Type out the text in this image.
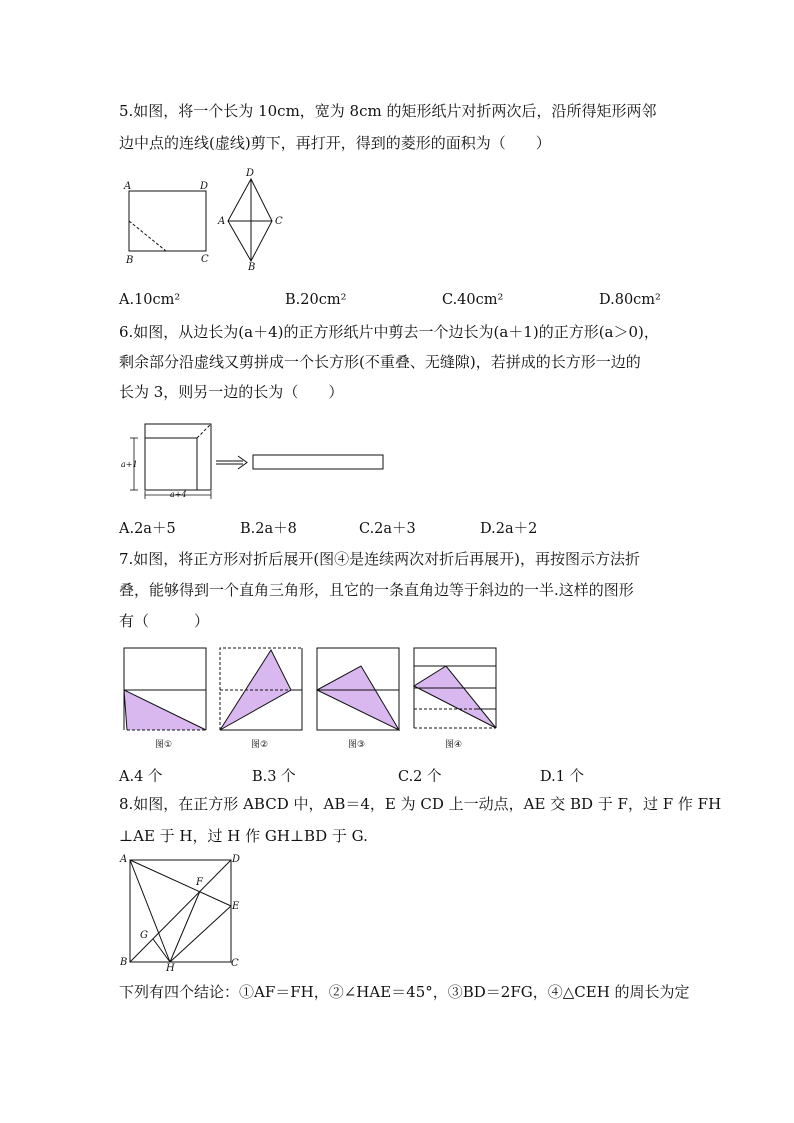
5.如图，将一个长为 10cm，宽为 8cm 的矩形纸片对折两次后，沿所得矩形两邻
边中点的连线(虚线)剪下，再打开，得到的菱形的面积为（　　）
A	D
B	C
D
A	C
B
A.10cm²	B.20cm²	C.40cm²	D.80cm²
6.如图，从边长为(a＋4)的正方形纸片中剪去一个边长为(a＋1)的正方形(a＞0)，
剩余部分沿虚线又剪拼成一个长方形(不重叠、无缝隙)，若拼成的长方形一边的
长为 3，则另一边的长为（　　）
a+1
a+4
A.2a＋5	B.2a＋8	C.2a＋3	D.2a＋2
7.如图，将正方形对折后展开(图④是连续两次对折后再展开)，再按图示方法折
叠，能够得到一个直角三角形，且它的一条直角边等于斜边的一半.这样的图形
有（　　　）
图①	图②	图③	图④
A.4 个	B.3 个	C.2 个	D.1 个
8.如图，在正方形 ABCD 中，AB＝4，E 为 CD 上一动点，AE 交 BD 于 F，过 F 作 FH
⊥AE 于 H，过 H 作 GH⊥BD 于 G.
A	D
F
E
G
B
H	C
下列有四个结论：①AF＝FH，②∠HAE＝45°，③BD＝2FG，④△CEH 的周长为定
